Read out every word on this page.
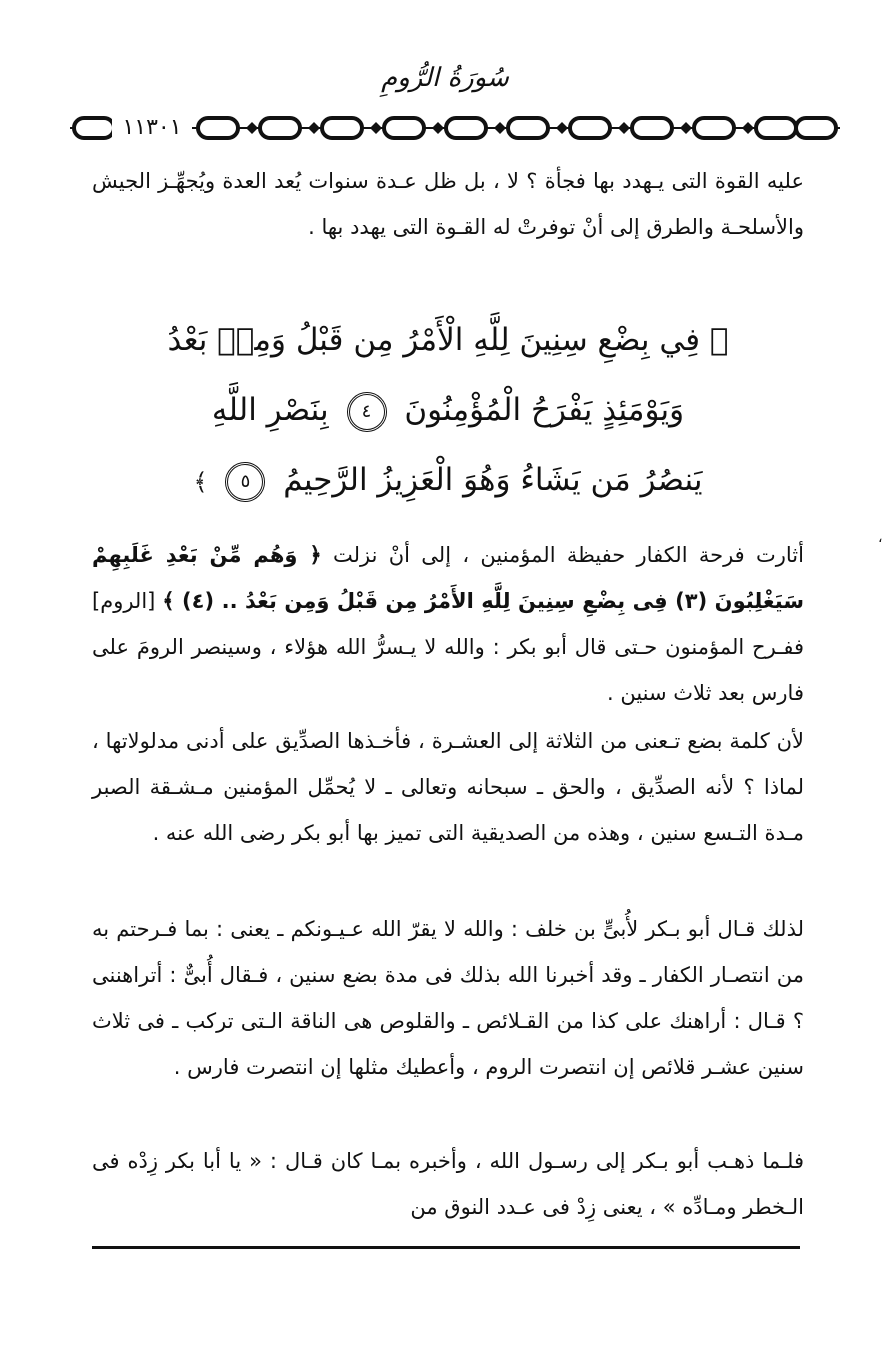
سُورَةُ الرُّومِ
١١٣٠١

عليه القوة التى يـهدد بها فجأة ؟ لا ، بل ظل عـدة سنوات يُعد العدة ويُجهِّـز الجيش والأسلحـة والطرق إلى أنْ توفرتْ له القـوة التى يهدد بها .

﴿ فِي بِضْعِ سِنِينَ لِلَّهِ الْأَمْرُ مِن قَبْلُ وَمِنۢ بَعْدُ
وَيَوْمَئِذٍ يَفْرَحُ الْمُؤْمِنُونَ ٤ بِنَصْرِ اللَّهِ
يَنصُرُ مَن يَشَاءُ وَهُوَ الْعَزِيزُ الرَّحِيمُ ٥ ﴾

أثارت فرحة الكفار حفيظة المؤمنين ، إلى أنْ نزلت ﴿ وَهُم مِّنْ بَعْدِ غَلَبِهِمْ سَيَغْلِبُونَ (٣) فِى بِضْعِ سِنِينَ لِلَّهِ الأَمْرُ مِن قَبْلُ وَمِن بَعْدُ .. (٤) ﴾ [الروم] ففـرح المؤمنون حـتى قال أبو بكر : والله لا يـسرُّ الله هؤلاء ، وسينصر الرومَ على فارس بعد ثلاث سنين .

لأن كلمة بضع تـعنى من الثلاثة إلى العشـرة ، فأخـذها الصدِّيق على أدنى مدلولاتها ، لماذا ؟ لأنه الصدِّيق ، والحق ـ سبحانه وتعالى ـ لا يُحمِّل المؤمنين مـشـقة الصبر مـدة التـسع سنين ، وهذه من الصديقية التى تميز بها أبو بكر رضى الله عنه .

لذلك قـال أبو بـكر لأُبىٍّ بن خلف : والله لا يقرّ الله عـيـونكم ـ يعنى : بما فـرحتم به من انتصـار الكفار ـ وقد أخبرنا الله بذلك فى مدة بضع سنين ، فـقال أُبىٌّ : أتراهننى ؟ قـال : أراهنك على كذا من القـلائص ـ والقلوص هى الناقة الـتى تركب ـ فى ثلاث سنين عشـر قلائص إن انتصرت الروم ، وأعطيك مثلها إن انتصرت فارس .

فلـما ذهـب أبو بـكر إلى رسـول الله ، وأخبره بمـا كان قـال : « يا أبا بكر زِدْه فى الـخطر ومـادِّه » ، يعنى زِدْ فى عـدد النوق من

،
